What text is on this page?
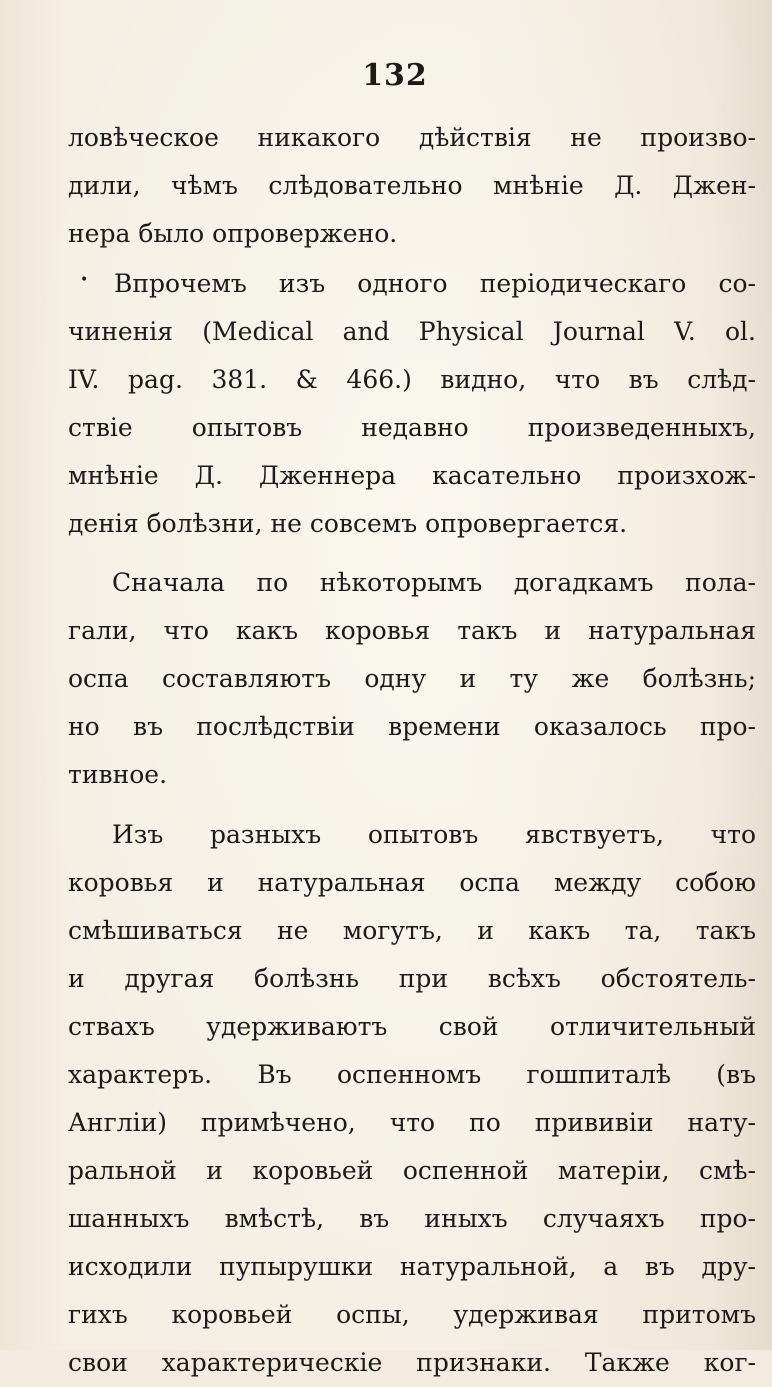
132
ловѣческое никакого дѣйствія не произво-
дили, чѣмъ слѣдовательно мнѣніе Д. Джен-
нера было опровержено.
• Впрочемъ изъ одного періодическаго со-
чиненія (Medical and Physical Journal V. ol.
IV. pag. 381. & 466.) видно, что въ слѣд-
ствіе опытовъ недавно произведенныхъ,
мнѣніе Д. Дженнера касательно произхож-
денія болѣзни, не совсемъ опровергается.
Сначала по нѣкоторымъ догадкамъ пола-
гали, что какъ коровья такъ и натуральная
оспа составляютъ одну и ту же болѣзнь;
но въ послѣдствіи времени оказалось про-
тивное.
Изъ разныхъ опытовъ явствуетъ, что
коровья и натуральная оспа между собою
смѣшиваться не могутъ, и какъ та, такъ
и другая болѣзнь при всѣхъ обстоятель-
ствахъ удерживаютъ свой отличительный
характеръ. Въ оспенномъ гошпиталѣ (въ
Англіи) примѣчено, что по прививіи нату-
ральной и коровьей оспенной матеріи, смѣ-
шанныхъ вмѣстѣ, въ иныхъ случаяхъ про-
исходили пупырушки натуральной, а въ дру-
гихъ коровьей оспы, удерживая притомъ
свои характерическіе признаки. Также ког-
